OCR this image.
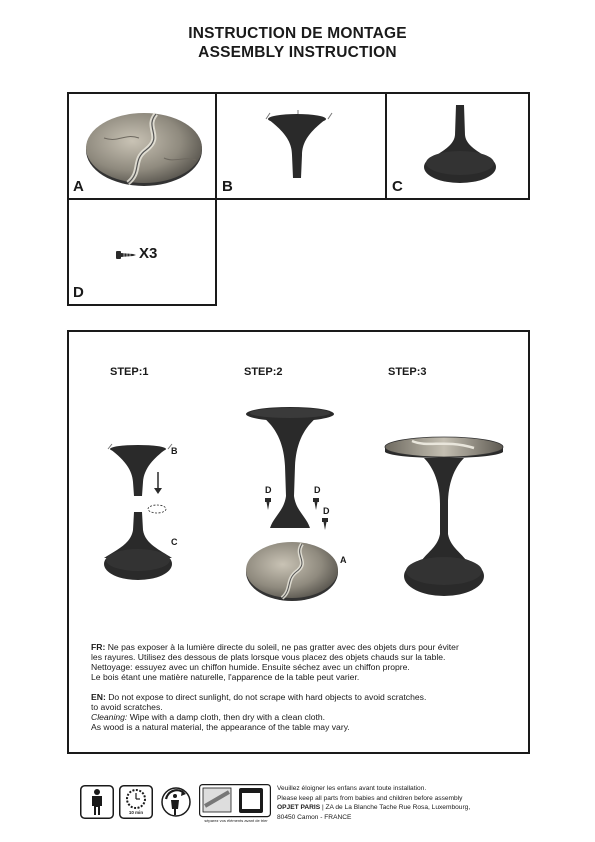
INSTRUCTION DE MONTAGE
ASSEMBLY INSTRUCTION
A	B	C
X3
D
STEP:1	STEP:2	STEP:3
B
C
D	D
D
A

FR: Ne pas exposer à la lumière directe du soleil, ne pas gratter avec des objets durs pour éviter

les rayures. Utilisez des dessous de plats lorsque vous placez des objets chauds sur la table.

Nettoyage: essuyez avec un chiffon humide. Ensuite séchez avec un chiffon propre.

Le bois étant une matière naturelle, l'apparence de la table peut varier.

EN: Do not expose to direct sunlight, do not scrape with hard objects to avoid scratches.

to avoid scratches.

Cleaning: Wipe with a damp cloth, then dry with a clean cloth.

As wood is a natural material, the appearance of the table may vary.

10 min
séparez vos éléments avant de trier

Veuillez éloigner les enfans avant toute installation.

Please keep all parts from babies and children before assembly

OPJET PARIS | ZA de La Blanche Tache Rue Rosa, Luxembourg,

80450 Camon - FRANCE
